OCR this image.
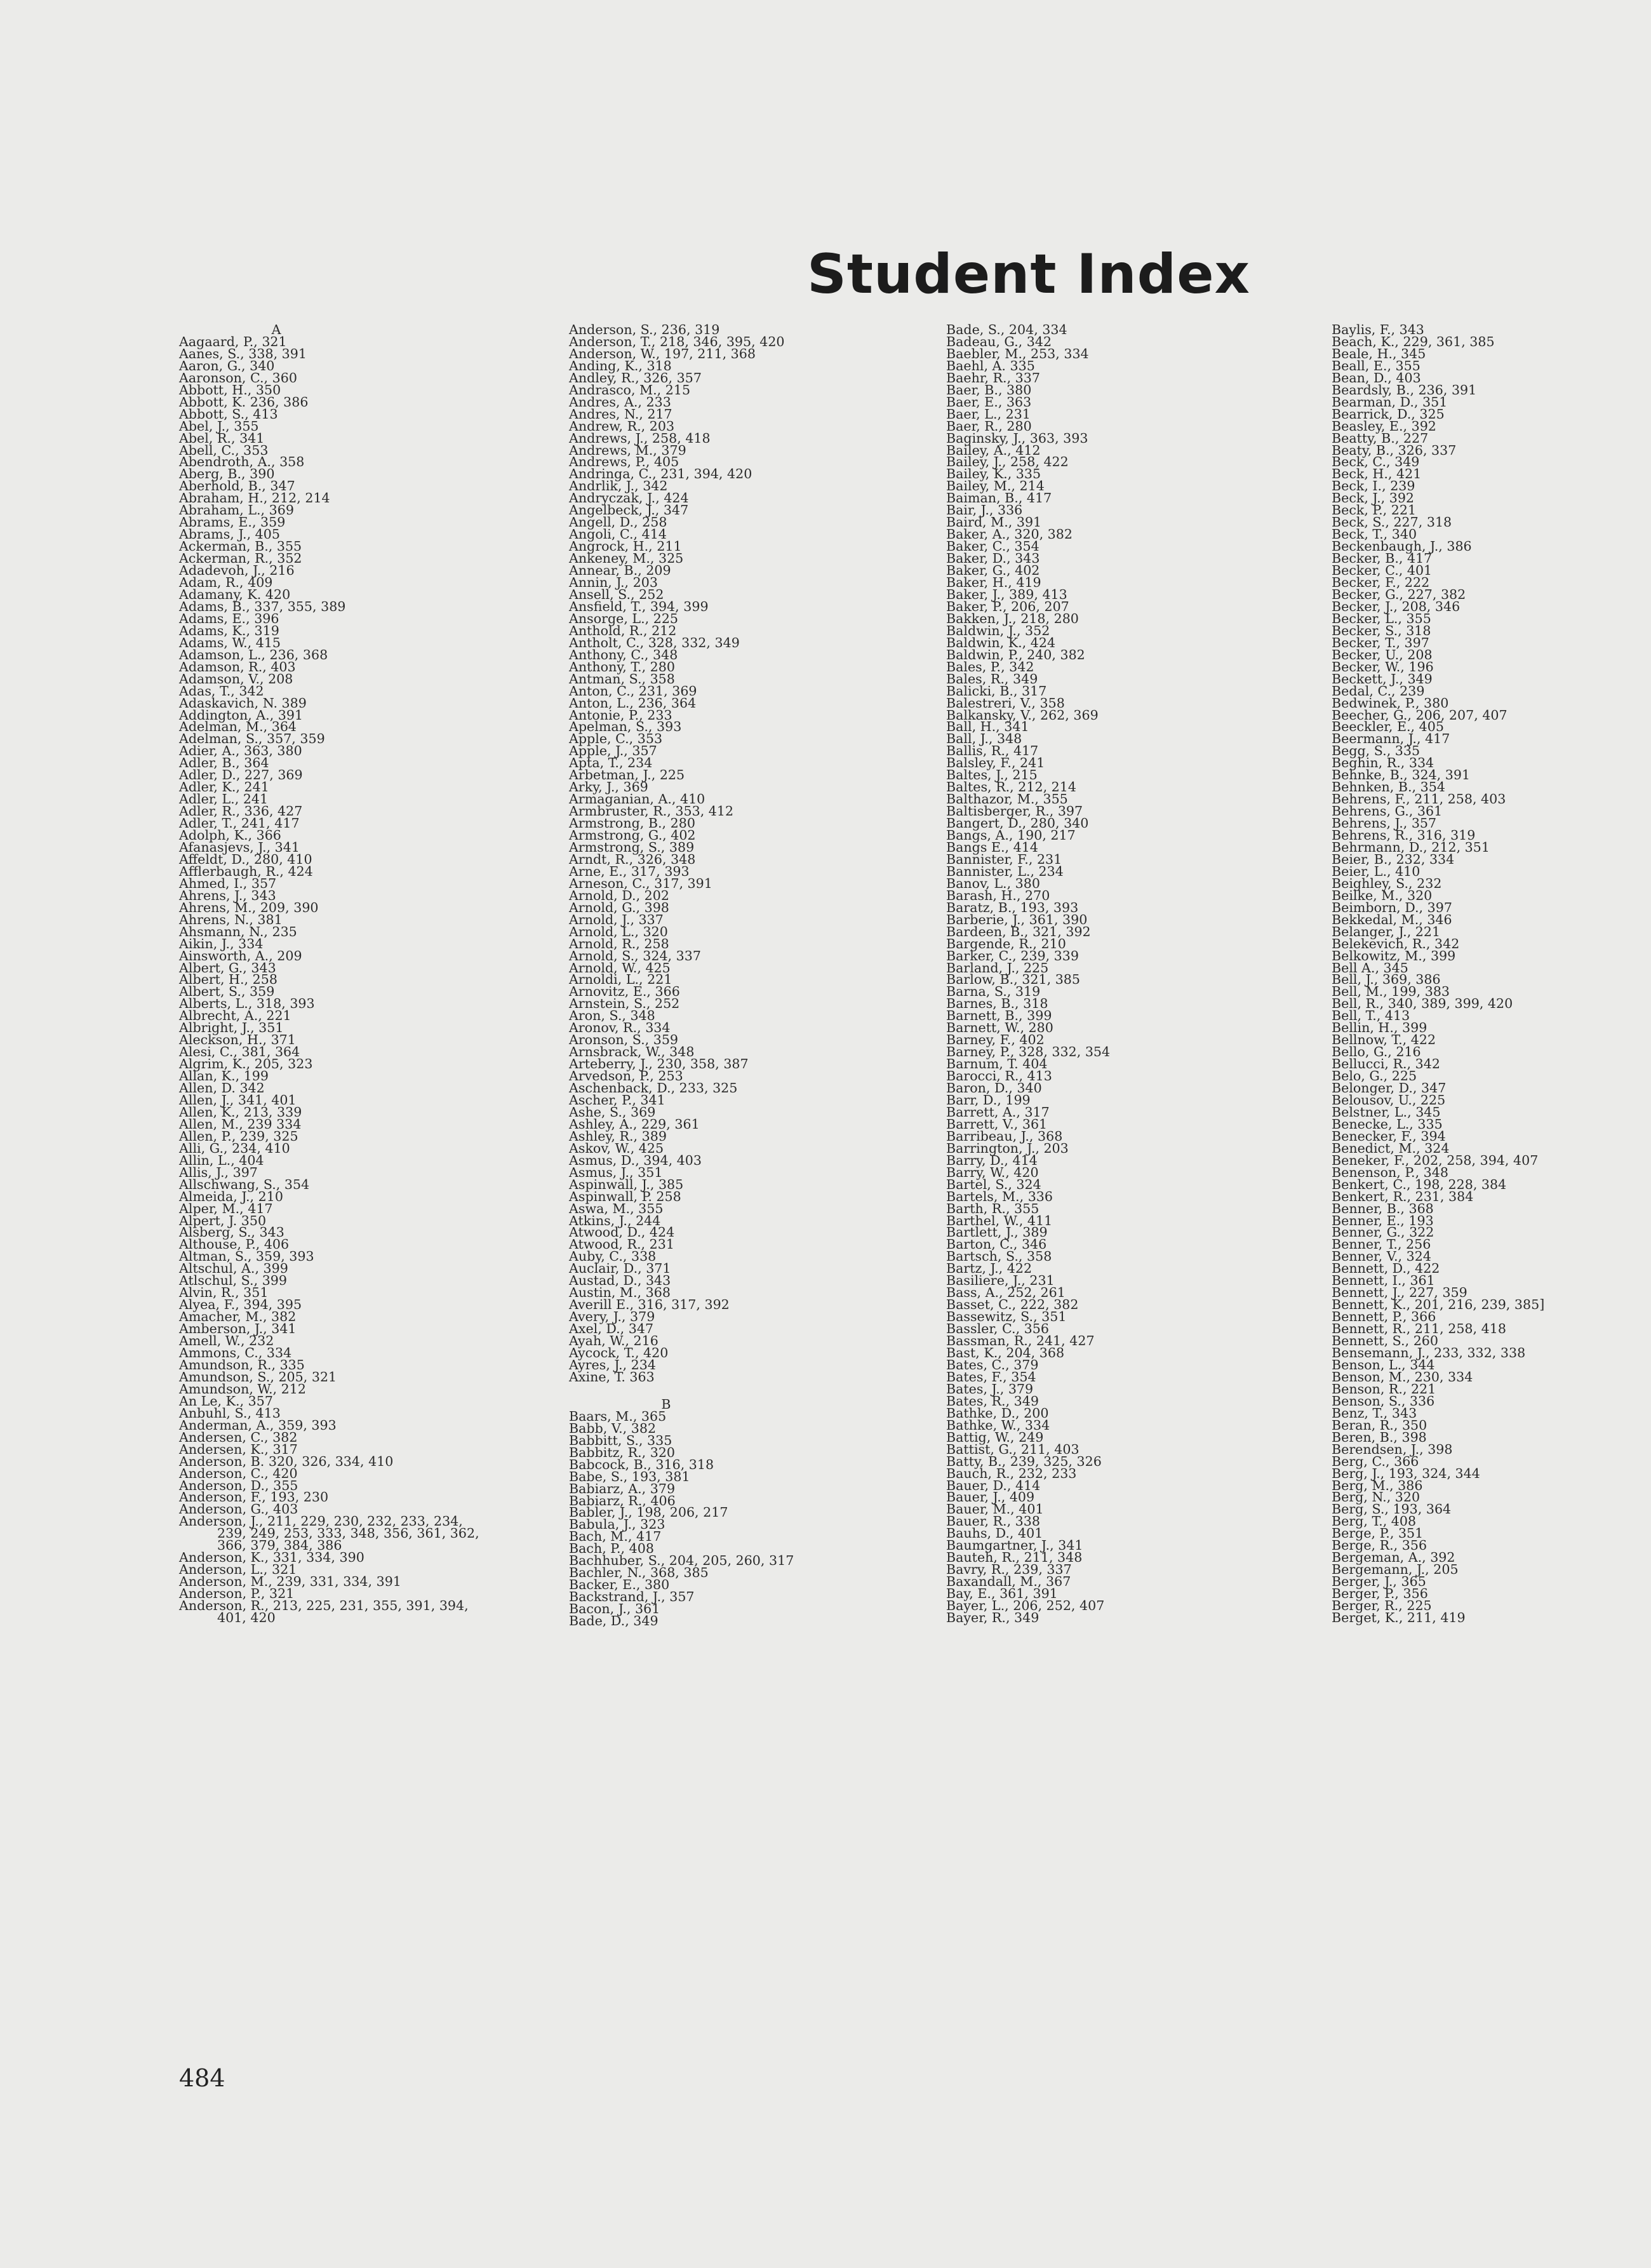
Student Index
A
Aagaard, P., 321
Aanes, S., 338, 391
Aaron, G., 340
Aaronson, C., 360
Abbott, H., 350
Abbott, K. 236, 386
Abbott, S., 413
Abel, J., 355
Abel, R., 341
Abell, C., 353
Abendroth, A., 358
Aberg, B., 390
Aberhold, B., 347
Abraham, H., 212, 214
Abraham, L., 369
Abrams, E., 359
Abrams, J., 405
Ackerman, B., 355
Ackerman, R., 352
Adadevoh, J., 216
Adam, R., 409
Adamany, K. 420
Adams, B., 337, 355, 389
Adams, E., 396
Adams, K., 319
Adams, W., 415
Adamson, L., 236, 368
Adamson, R., 403
Adamson, V., 208
Adas, T., 342
Adaskavich, N. 389
Addington, A., 391
Adelman, M., 364
Adelman, S., 357, 359
Adier, A., 363, 380
Adler, B., 364
Adler, D., 227, 369
Adler, K., 241
Adler, L., 241
Adler, R., 336, 427
Adler, T., 241, 417
Adolph, K., 366
Afanasjevs, J., 341
Affeldt, D., 280, 410
Afflerbaugh, R., 424
Ahmed, I., 357
Ahrens, J., 343
Ahrens, M., 209, 390
Ahrens, N., 381
Ahsmann, N., 235
Aikin, J., 334
Ainsworth, A., 209
Albert, G., 343
Albert, H., 258
Albert, S., 359
Alberts, L., 318, 393
Albrecht, A., 221
Albright, J., 351
Aleckson, H., 371
Alesi, C., 381, 364
Algrim, K., 205, 323
Allan, K., 199
Allen, D. 342
Allen, J., 341, 401
Allen, K., 213, 339
Allen, M., 239 334
Allen, P., 239, 325
Alli, G., 234, 410
Allin, L., 404
Allis, J., 397
Allschwang, S., 354
Almeida, J., 210
Alper, M., 417
Alpert, J. 350
Alsberg, S., 343
Althouse, P., 406
Altman, S., 359, 393
Altschul, A., 399
Atlschul, S., 399
Alvin, R., 351
Alyea, F., 394, 395
Amacher, M., 382
Amberson, J., 341
Amell, W., 232
Ammons, C., 334
Amundson, R., 335
Amundson, S., 205, 321
Amundson, W., 212
An Le, K., 357
Anbuhl, S., 413
Anderman, A., 359, 393
Andersen, C., 382
Andersen, K., 317
Anderson, B. 320, 326, 334, 410
Anderson, C., 420
Anderson, D., 355
Anderson, F., 193, 230
Anderson, G., 403
Anderson, J., 211, 229, 230, 232, 233, 234,
239, 249, 253, 333, 348, 356, 361, 362,
366, 379, 384, 386
Anderson, K., 331, 334, 390
Anderson, L., 321
Anderson, M., 239, 331, 334, 391
Anderson, P., 321
Anderson, R., 213, 225, 231, 355, 391, 394,
401, 420
Anderson, S., 236, 319
Anderson, T., 218, 346, 395, 420
Anderson, W., 197, 211, 368
Anding, K., 318
Andley, R., 326, 357
Andrasco, M., 215
Andres, A., 233
Andres, N., 217
Andrew, R., 203
Andrews, J., 258, 418
Andrews, M., 379
Andrews, P., 405
Andringa, C., 231, 394, 420
Andrlik, J., 342
Andryczak, J., 424
Angelbeck, J., 347
Angell, D., 258
Angoli, C., 414
Angrock, H., 211
Ankeney, M., 325
Annear, B., 209
Annin, J., 203
Ansell, S., 252
Ansfield, T., 394, 399
Ansorge, L., 225
Anthold, R., 212
Antholt, C., 328, 332, 349
Anthony, C., 348
Anthony, T., 280
Antman, S., 358
Anton, C., 231, 369
Anton, L., 236, 364
Antonie, P., 233
Apelman, S., 393
Apple, C., 353
Apple, J., 357
Apta, T., 234
Arbetman, J., 225
Arky, J., 369
Armaganian, A., 410
Armbruster, R., 353, 412
Armstrong, B., 280
Armstrong, G., 402
Armstrong, S., 389
Arndt, R., 326, 348
Arne, E., 317, 393
Arneson, C., 317, 391
Arnold, D., 202
Arnold, G., 398
Arnold, J., 337
Arnold, L., 320
Arnold, R., 258
Arnold, S., 324, 337
Arnold, W., 425
Arnoldi, L., 221
Arnovitz, E., 366
Arnstein, S., 252
Aron, S., 348
Aronov, R., 334
Aronson, S., 359
Arnsbrack, W., 348
Arteberry, J., 230, 358, 387
Arvedson, P., 253
Aschenback, D., 233, 325
Ascher, P., 341
Ashe, S., 369
Ashley, A., 229, 361
Ashley, R., 389
Askov, W., 425
Asmus, D., 394, 403
Asmus, J., 351
Aspinwall, J., 385
Aspinwall, P. 258
Aswa, M., 355
Atkins, J., 244
Atwood, D., 424
Atwood, R., 231
Auby, C., 338
Auclair, D., 371
Austad, D., 343
Austin, M., 368
Averill E., 316, 317, 392
Avery, J., 379
Axel, D., 347
Ayah, W., 216
Aycock, T., 420
Ayres, J., 234
Axine, T. 363
B
Baars, M., 365
Babb, V., 382
Babbitt, S., 335
Babbitz, R., 320
Babcock, B., 316, 318
Babe, S., 193, 381
Babiarz, A., 379
Babiarz, R., 406
Babler, J., 198, 206, 217
Babula, J., 323
Bach, M., 417
Bach, P., 408
Bachhuber, S., 204, 205, 260, 317
Bachler, N., 368, 385
Backer, E., 380
Backstrand, J., 357
Bacon, J., 361
Bade, D., 349
Bade, S., 204, 334
Badeau, G., 342
Baebler, M., 253, 334
Baehl, A. 335
Baehr, R., 337
Baer, B., 380
Baer, E., 363
Baer, L., 231
Baer, R., 280
Baginsky, J., 363, 393
Bailey, A., 412
Bailey, J., 258, 422
Bailey, K., 335
Bailey, M., 214
Baiman, B., 417
Bair, J., 336
Baird, M., 391
Baker, A., 320, 382
Baker, C., 354
Baker, D., 343
Baker, G., 402
Baker, H., 419
Baker, J., 389, 413
Baker, P., 206, 207
Bakken, J., 218, 280
Baldwin, J., 352
Baldwin, K., 424
Baldwin, P., 240, 382
Bales, P., 342
Bales, R., 349
Balicki, B., 317
Balestreri, V., 358
Balkansky, V., 262, 369
Ball, H., 341
Ball, J., 348
Ballis, R., 417
Balsley, F., 241
Baltes, J., 215
Baltes, R., 212, 214
Balthazor, M., 355
Baltisberger, R., 397
Bangert, D., 280, 340
Bangs, A., 190, 217
Bangs E., 414
Bannister, F., 231
Bannister, L., 234
Banov, L., 380
Barash, H., 270
Baratz, B., 193, 393
Barberie, J., 361, 390
Bardeen, B., 321, 392
Bargende, R., 210
Barker, C., 239, 339
Barland, J., 225
Barlow, B., 321, 385
Barna, S., 319
Barnes, B., 318
Barnett, B., 399
Barnett, W., 280
Barney, F., 402
Barney, P., 328, 332, 354
Barnum, T. 404
Barocci, R., 413
Baron, D., 340
Barr, D., 199
Barrett, A., 317
Barrett, V., 361
Barribeau, J., 368
Barrington, J., 203
Barry, D., 414
Barry, W., 420
Bartel, S., 324
Bartels, M., 336
Barth, R., 355
Barthel, W., 411
Bartlett, J., 389
Barton, C., 346
Bartsch, S., 358
Bartz, J., 422
Basiliere, J., 231
Bass, A., 252, 261
Basset, C., 222, 382
Bassewitz, S., 351
Bassler, C., 356
Bassman, R., 241, 427
Bast, K., 204, 368
Bates, C., 379
Bates, F., 354
Bates, J., 379
Bates, R., 349
Bathke, D., 200
Bathke, W., 334
Battig, W., 249
Battist, G., 211, 403
Batty, B., 239, 325, 326
Bauch, R., 232, 233
Bauer, D., 414
Bauer, J., 409
Bauer, M., 401
Bauer, R., 338
Bauhs, D., 401
Baumgartner, J., 341
Bauteh, R., 211, 348
Bavry, R., 239, 337
Baxandall, M., 367
Bay, E., 361, 391
Bayer, L., 206, 252, 407
Bayer, R., 349
Baylis, F., 343
Beach, K., 229, 361, 385
Beale, H., 345
Beall, E., 355
Bean, D., 403
Beardsly, B., 236, 391
Bearman, D., 351
Bearrick, D., 325
Beasley, E., 392
Beatty, B., 227
Beaty, B., 326, 337
Beck, C., 349
Beck, H., 421
Beck, I., 239
Beck, J., 392
Beck, P., 221
Beck, S., 227, 318
Beck, T., 340
Beckenbaugh, J., 386
Becker, B., 417
Becker, C., 401
Becker, F., 222
Becker, G., 227, 382
Becker, J., 208, 346
Becker, L., 355
Becker, S., 318
Becker, T., 397
Becker, U., 208
Becker, W., 196
Beckett, J., 349
Bedal, C., 239
Bedwinek, P., 380
Beecher, G., 206, 207, 407
Beeckler, E., 405
Beermann, J., 417
Begg, S., 335
Beghin, R., 334
Behnke, B., 324, 391
Behnken, B., 354
Behrens, F., 211, 258, 403
Behrens, G., 361
Behrens, J., 357
Behrens, R., 316, 319
Behrmann, D., 212, 351
Beier, B., 232, 334
Beier, L., 410
Beighley, S., 232
Beilke, M., 320
Beimborn, D., 397
Bekkedal, M., 346
Belanger, J., 221
Belekevich, R., 342
Belkowitz, M., 399
Bell A., 345
Bell, J., 369, 386
Bell, M., 199, 383
Bell, R., 340, 389, 399, 420
Bell, T., 413
Bellin, H., 399
Bellnow, T., 422
Bello, G., 216
Bellucci, R., 342
Belo, G., 225
Belonger, D., 347
Belousov, U., 225
Belstner, L., 345
Benecke, L., 335
Benecker, F., 394
Benedict, M., 324
Beneker, F., 202, 258, 394, 407
Benenson, P., 348
Benkert, C., 198, 228, 384
Benkert, R., 231, 384
Benner, B., 368
Benner, E., 193
Benner, G., 322
Benner, T., 256
Benner, V., 324
Bennett, D., 422
Bennett, I., 361
Bennett, J., 227, 359
Bennett, K., 201, 216, 239, 385]
Bennett, P., 366
Bennett, R., 211, 258, 418
Bennett, S., 260
Bensemann, J., 233, 332, 338
Benson, L., 344
Benson, M., 230, 334
Benson, R., 221
Benson, S., 336
Benz, T., 343
Beran, R., 350
Beren, B., 398
Berendsen, J., 398
Berg, C., 366
Berg, J., 193, 324, 344
Berg, M., 386
Berg, N., 320
Berg, S., 193, 364
Berg, T., 408
Berge, P., 351
Berge, R., 356
Bergeman, A., 392
Bergemann, J., 205
Berger, J., 365
Berger, P., 356
Berger, R., 225
Berget, K., 211, 419
484
